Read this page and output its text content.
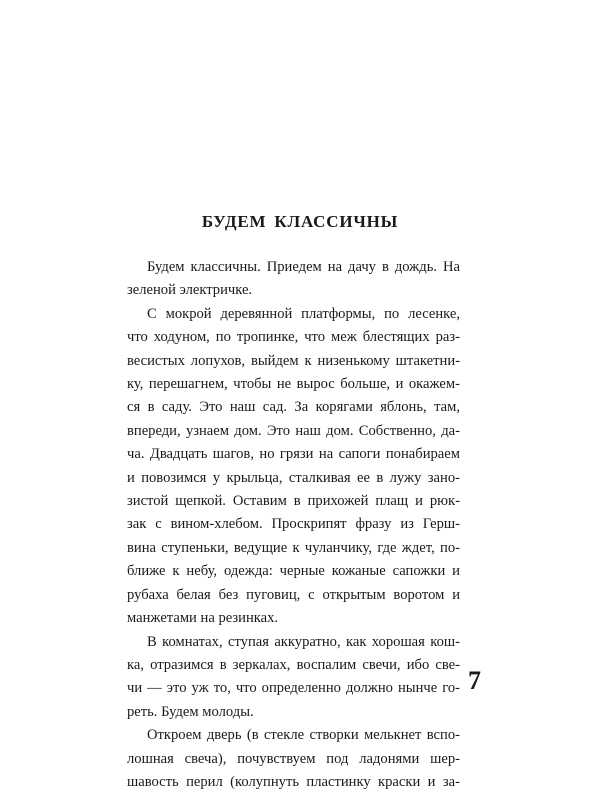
БУДЕМ КЛАССИЧНЫ
Будем классичны. Приедем на дачу в дождь. На
зеленой электричке.
С мокрой деревянной платформы, по лесенке,
что ходуном, по тропинке, что меж блестящих раз-
весистых лопухов, выйдем к низенькому штакетни-
ку, перешагнем, чтобы не вырос больше, и окажем-
ся в саду. Это наш сад. За корягами яблонь, там,
впереди, узнаем дом. Это наш дом. Собственно, да-
ча. Двадцать шагов, но грязи на сапоги понабираем
и повозимся у крыльца, сталкивая ее в лужу зано-
зистой щепкой. Оставим в прихожей плащ и рюк-
зак с вином-хлебом. Проскрипят фразу из Герш-
вина ступеньки, ведущие к чуланчику, где ждет, по-
ближе к небу, одежда: черные кожаные сапожки и
рубаха белая без пуговиц, с открытым воротом и
манжетами на резинках.
В комнатах, ступая аккуратно, как хорошая кош-
ка, отразимся в зеркалах, воспалим свечи, ибо све-
чи — это уж то, что определенно должно нынче го-
реть. Будем молоды.
Откроем дверь (в стекле створки мелькнет вспо-
лошная свеча), почувствуем под ладонями шер-
шавость перил (колупнуть пластинку краски и за-
7
